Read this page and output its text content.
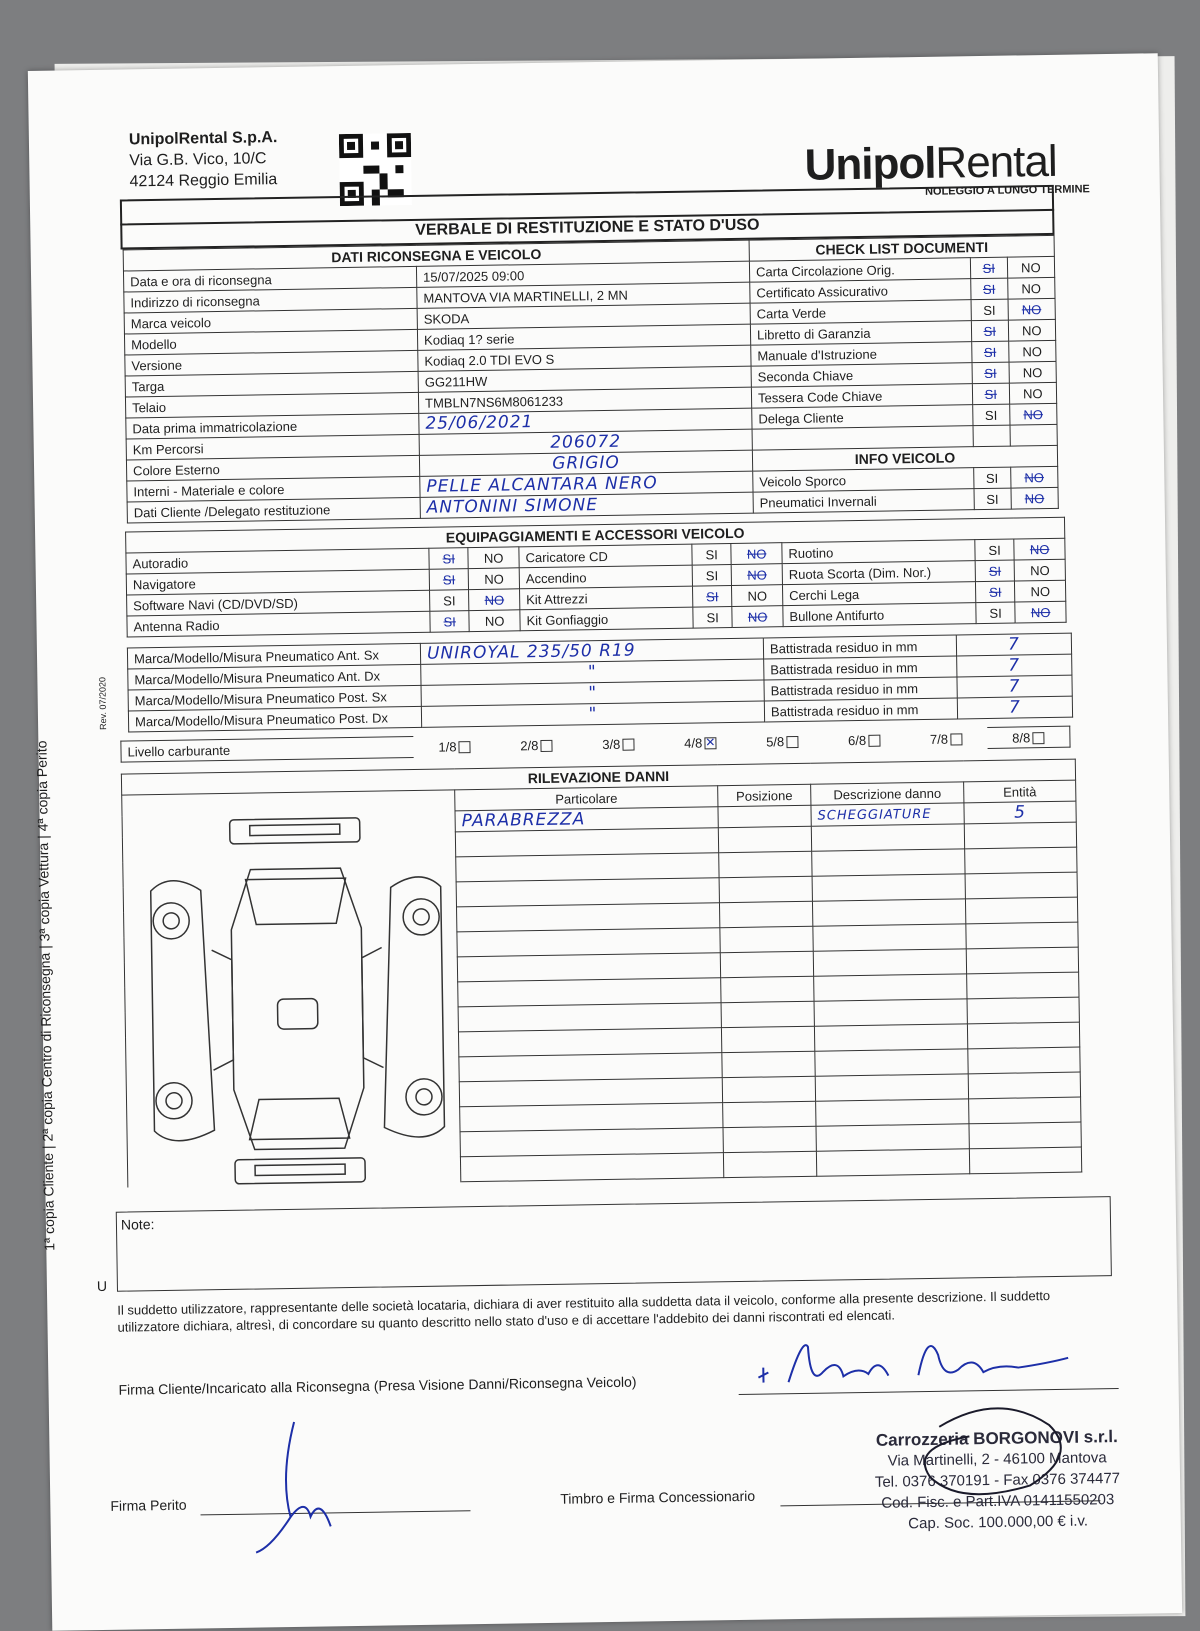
UnipolRental S.p.A.
Via G.B. Vico, 10/C
42124 Reggio Emilia	UnipolRental
NOLEGGIO A LUNGO TERMINE
VERBALE DI RESTITUZIONE E STATO D'USO
DATI RICONSEGNA E VEICOLO		CHECK LIST DOCUMENTI		
Data e ora di riconsegna	15/07/2025 09:00	Carta Circolazione Orig.	SI	NO
Indirizzo di riconsegna	MANTOVA VIA MARTINELLI, 2 MN	Certificato Assicurativo	SI	NO
Marca veicolo	SKODA	Carta Verde	SI	NO
Modello	Kodiaq 1? serie	Libretto di Garanzia	SI	NO
Versione	Kodiaq 2.0 TDI EVO S	Manuale d'Istruzione	SI	NO
Targa	GG211HW	Seconda Chiave	SI	NO
Telaio	TMBLN7NS6M8061233	Tessera Code Chiave	SI	NO
Data prima immatricolazione	25/06/2021	Delega Cliente	SI	NO
Km Percorsi	206072			
Colore Esterno	GRIGIO	INFO VEICOLO		
Interni - Materiale e colore	PELLE ALCANTARA NERO	Veicolo Sporco	SI	NO
Dati Cliente /Delegato restituzione	ANTONINI SIMONE	Pneumatici Invernali	SI	NO
EQUIPAGGIAMENTI E ACCESSORI VEICOLO								
Autoradio	SI	NO	Caricatore CD	SI	NO	Ruotino	SI	NO
Navigatore	SI	NO	Accendino	SI	NO	Ruota Scorta (Dim. Nor.)	SI	NO
Software Navi (CD/DVD/SD)	SI	NO	Kit Attrezzi	SI	NO	Cerchi Lega	SI	NO
Antenna Radio	SI	NO	Kit Gonfiaggio	SI	NO	Bullone Antifurto	SI	NO
Marca/Modello/Misura Pneumatico Ant. Sx	UNIROYAL 235/50 R19	Battistrada residuo in mm	7
Marca/Modello/Misura Pneumatico Ant. Dx	"	Battistrada residuo in mm	7
Marca/Modello/Misura Pneumatico Post. Sx	"	Battistrada residuo in mm	7
Marca/Modello/Misura Pneumatico Post. Dx	"	Battistrada residuo in mm	7
Livello carburante	1/8	2/8	3/8	4/8 ✕	5/8	6/8	7/8	8/8
RILEVAZIONE DANNI				
	Particolare	Posizione	Descrizione danno	Entità
	PARABREZZA		SCHEGGIATURE	5

Note:
Il suddetto utilizzatore, rappresentante delle società locataria, dichiara di aver restituito alla suddetta data il veicolo, conforme alla presente descrizione. Il suddetto utilizzatore dichiara, altresì, di concordare su quanto descritto nello stato d'uso e di accettare l'addebito dei danni riscontrati ed elencati.
Firma Cliente/Incaricato alla Riconsegna (Presa Visione Danni/Riconsegna Veicolo)
Firma Perito	Timbro e Firma Concessionario
Carrozzeria BORGONOVI s.r.l.
Via Martinelli, 2 - 46100 Mantova
Tel. 0376 370191 - Fax 0376 374477
Cod. Fisc. e Part.IVA 01411550203
Cap. Soc. 100.000,00 € i.v.
1ª copia Cliente | 2ª copia Centro di Riconsegna | 3ª copia Vettura | 4ª copia Perito
Rev. 07/2020
U
